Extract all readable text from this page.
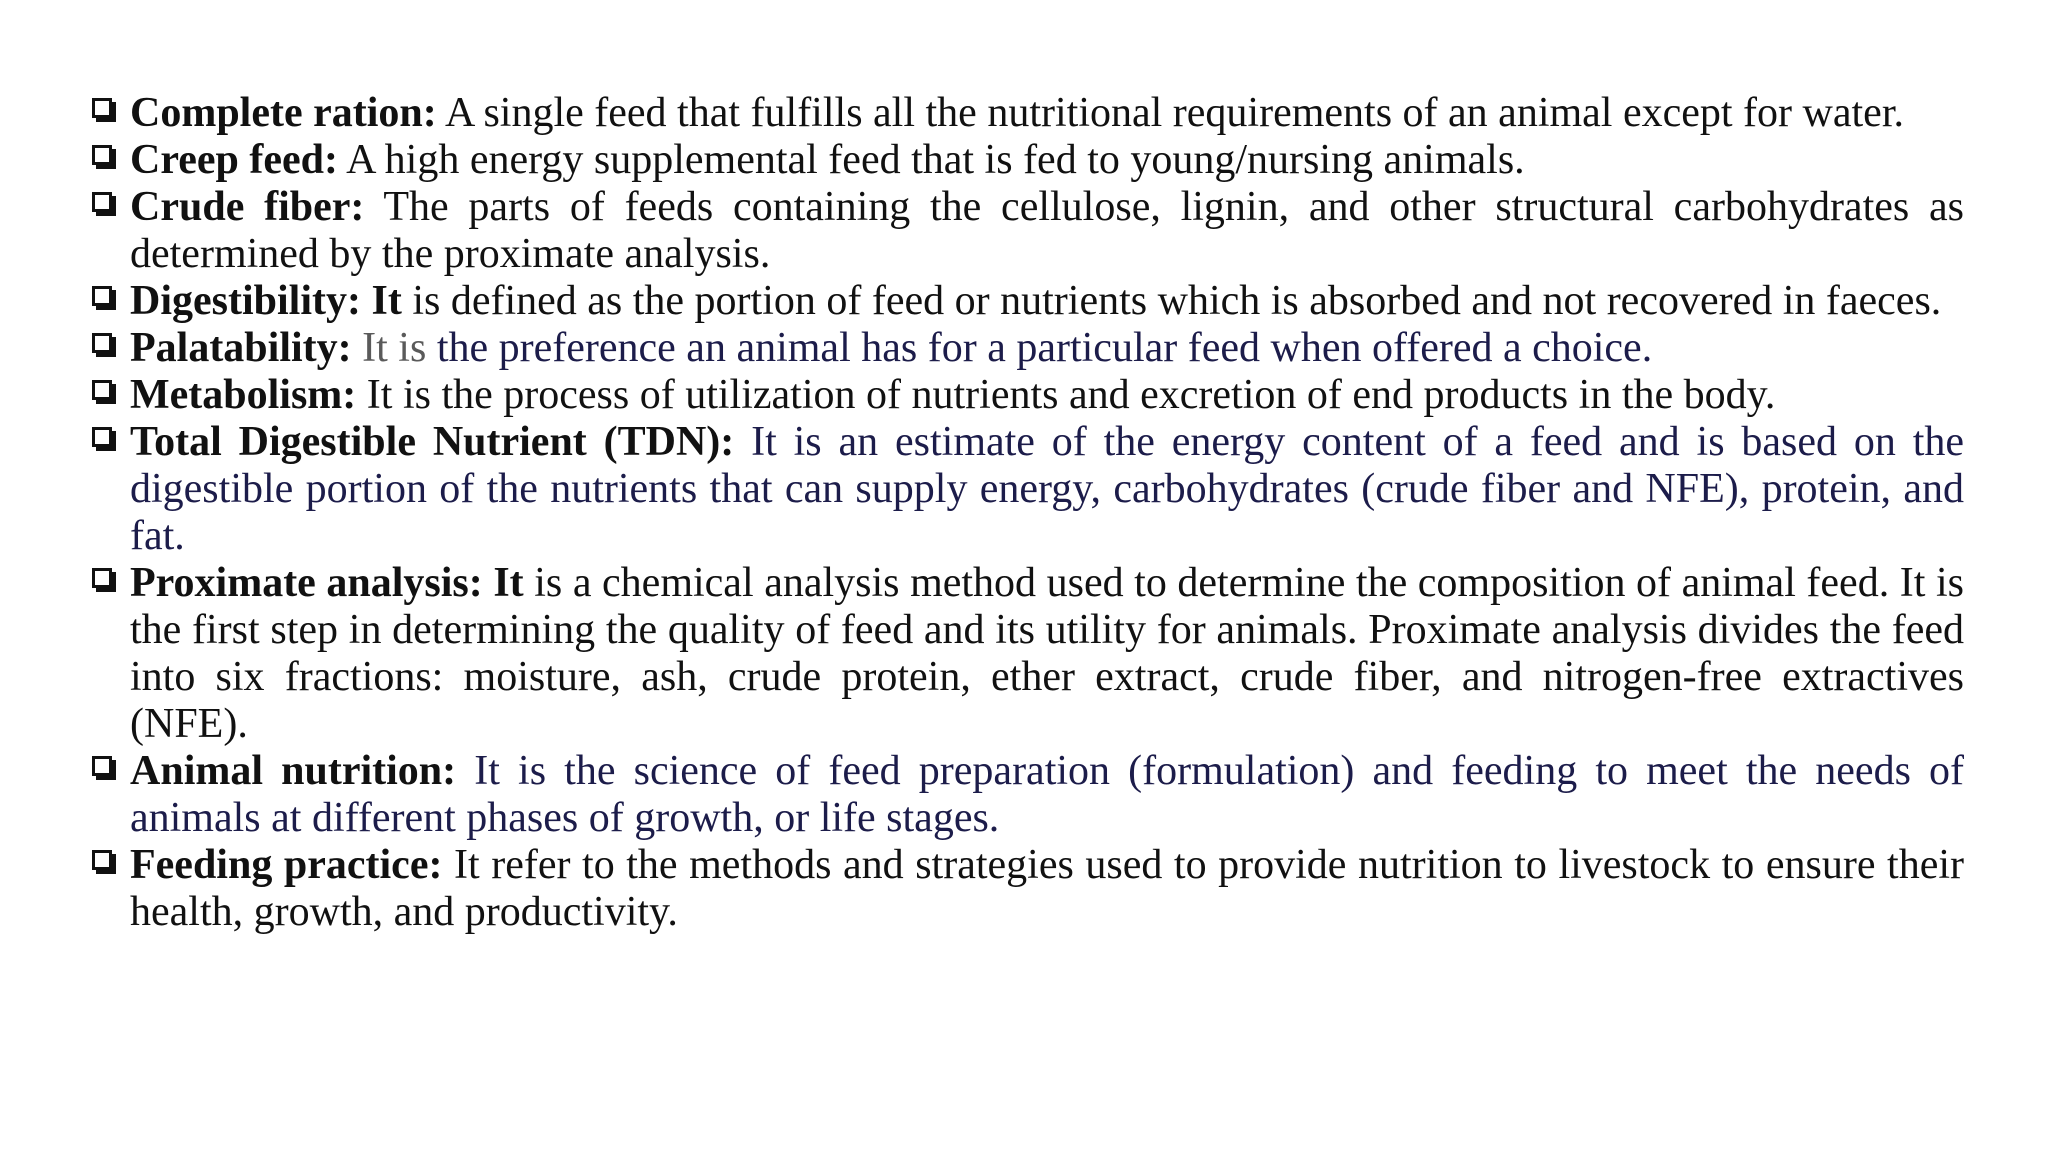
Complete ration: A single feed that fulfills all the nutritional requirements of an animal except for water.
Creep feed: A high energy supplemental feed that is fed to young/nursing animals.
Crude fiber: The parts of feeds containing the cellulose, lignin, and other structural carbohydrates as determined by the proximate analysis.
Digestibility: It is defined as the portion of feed or nutrients which is absorbed and not recovered in faeces.
Palatability: It is the preference an animal has for a particular feed when offered a choice.
Metabolism: It is the process of utilization of nutrients and excretion of end products in the body.
Total Digestible Nutrient (TDN): It is an estimate of the energy content of a feed and is based on the digestible portion of the nutrients that can supply energy, carbohydrates (crude fiber and NFE), protein, and fat.
Proximate analysis: It is a chemical analysis method used to determine the composition of animal feed. It is the first step in determining the quality of feed and its utility for animals. Proximate analysis divides the feed into six fractions: moisture, ash, crude protein, ether extract, crude fiber, and nitrogen-free extractives (NFE).
Animal nutrition: It is the science of feed preparation (formulation) and feeding to meet the needs of animals at different phases of growth, or life stages.
Feeding practice: It refer to the methods and strategies used to provide nutrition to livestock to ensure their health, growth, and productivity.
